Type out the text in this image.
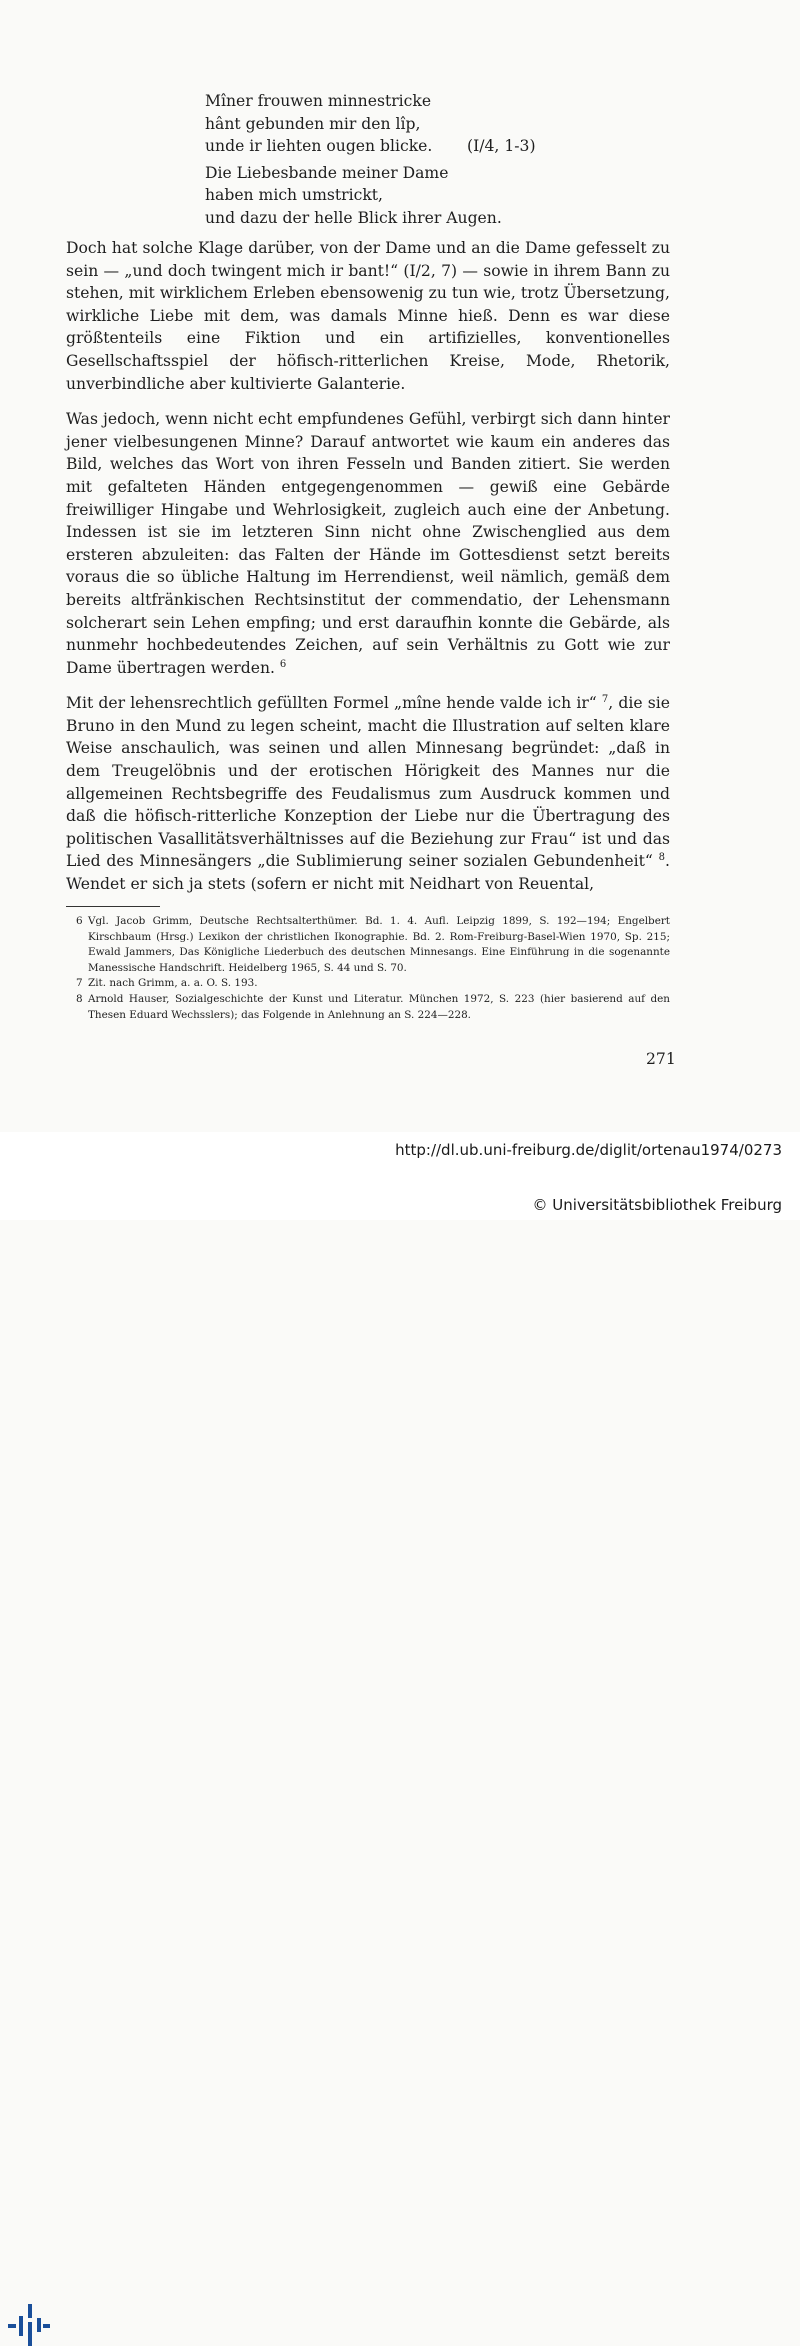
Mîner frouwen minnestricke
hânt gebunden mir den lîp,
unde ir liehten ougen blicke. (I/4, 1-3)
Die Liebesbande meiner Dame
haben mich umstrickt,
und dazu der helle Blick ihrer Augen.

Doch hat solche Klage darüber, von der Dame und an die Dame gefesselt zu sein — „und doch twingent mich ir bant!“ (I/2, 7) — sowie in ihrem Bann zu stehen, mit wirklichem Erleben ebensowenig zu tun wie, trotz Übersetzung, wirkliche Liebe mit dem, was damals Minne hieß. Denn es war diese größtenteils eine Fiktion und ein artifizielles, konventionelles Gesellschaftsspiel der höfisch-ritterlichen Kreise, Mode, Rhetorik, unverbindliche aber kultivierte Galanterie.

Was jedoch, wenn nicht echt empfundenes Gefühl, verbirgt sich dann hinter jener vielbesungenen Minne? Darauf antwortet wie kaum ein anderes das Bild, welches das Wort von ihren Fesseln und Banden zitiert. Sie werden mit gefalteten Händen entgegengenommen — gewiß eine Gebärde freiwilliger Hingabe und Wehrlosigkeit, zugleich auch eine der Anbetung. Indessen ist sie im letzteren Sinn nicht ohne Zwischenglied aus dem ersteren abzuleiten: das Falten der Hände im Gottesdienst setzt bereits voraus die so übliche Haltung im Herrendienst, weil nämlich, gemäß dem bereits altfränkischen Rechtsinstitut der commendatio, der Lehensmann solcherart sein Lehen empfing; und erst daraufhin konnte die Gebärde, als nunmehr hochbedeutendes Zeichen, auf sein Verhältnis zu Gott wie zur Dame übertragen werden. $^6$

Mit der lehensrechtlich gefüllten Formel „mîne hende valde ich ir“ $^7$, die sie Bruno in den Mund zu legen scheint, macht die Illustration auf selten klare Weise anschaulich, was seinen und allen Minnesang begründet: „daß in dem Treugelöbnis und der erotischen Hörigkeit des Mannes nur die allgemeinen Rechtsbegriffe des Feudalismus zum Ausdruck kommen und daß die höfisch-ritterliche Konzeption der Liebe nur die Übertragung des politischen Vasallitätsverhältnisses auf die Beziehung zur Frau“ ist und das Lied des Minnesängers „die Sublimierung seiner sozialen Gebundenheit“ $^8$. Wendet er sich ja stets (sofern er nicht mit Neidhart von Reuental,

6 Vgl. Jacob Grimm, Deutsche Rechtsalterthümer. Bd. 1. 4. Aufl. Leipzig 1899, S. 192—194; Engelbert Kirschbaum (Hrsg.) Lexikon der christlichen Ikonographie. Bd. 2. Rom-Freiburg-Basel-Wien 1970, Sp. 215; Ewald Jammers, Das Königliche Liederbuch des deutschen Minnesangs. Eine Einführung in die sogenannte Manessische Handschrift. Heidelberg 1965, S. 44 und S. 70.
7 Zit. nach Grimm, a. a. O. S. 193.
8 Arnold Hauser, Sozialgeschichte der Kunst und Literatur. München 1972, S. 223 (hier basierend auf den Thesen Eduard Wechsslers); das Folgende in Anlehnung an S. 224—228.
271
http://dl.ub.uni-freiburg.de/diglit/ortenau1974/0273
© Universitätsbibliothek Freiburg
